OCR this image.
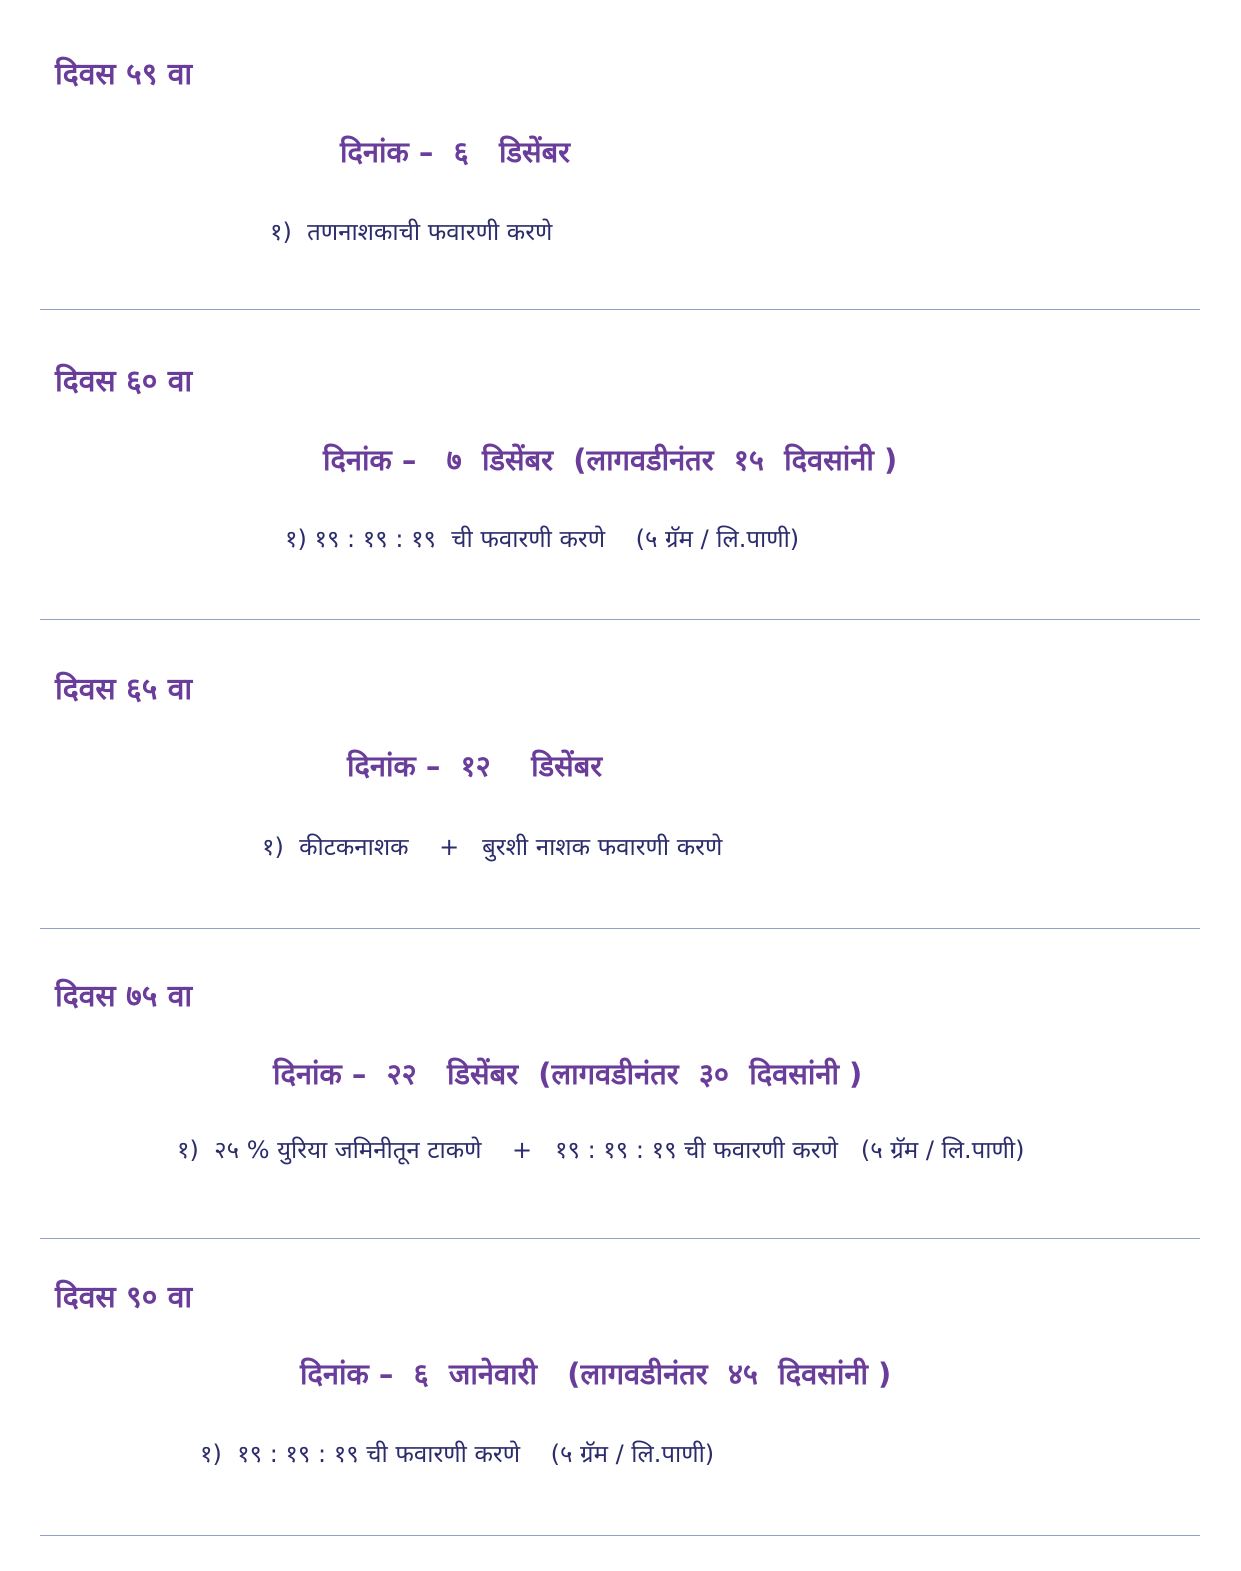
दिवस ५९ वा
दिनांक –  ६   डिसेंबर
१)  तणनाशकाची फवारणी करणे
दिवस ६० वा
दिनांक –   ७  डिसेंबर  (लागवडीनंतर  १५  दिवसांनी )
१) १९ : १९ : १९  ची फवारणी करणे    (५ ग्रॅम / लि.पाणी)
दिवस ६५ वा
दिनांक –  १२    डिसेंबर
१)  कीटकनाशक    +   बुरशी नाशक फवारणी करणे
दिवस ७५ वा
दिनांक –  २२   डिसेंबर  (लागवडीनंतर  ३०  दिवसांनी )
१)  २५ % युरिया जमिनीतून टाकणे    +   १९ : १९ : १९ ची फवारणी करणे   (५ ग्रॅम / लि.पाणी)
दिवस ९० वा
दिनांक –  ६  जानेवारी   (लागवडीनंतर  ४५  दिवसांनी )
१)  १९ : १९ : १९ ची फवारणी करणे    (५ ग्रॅम / लि.पाणी)
